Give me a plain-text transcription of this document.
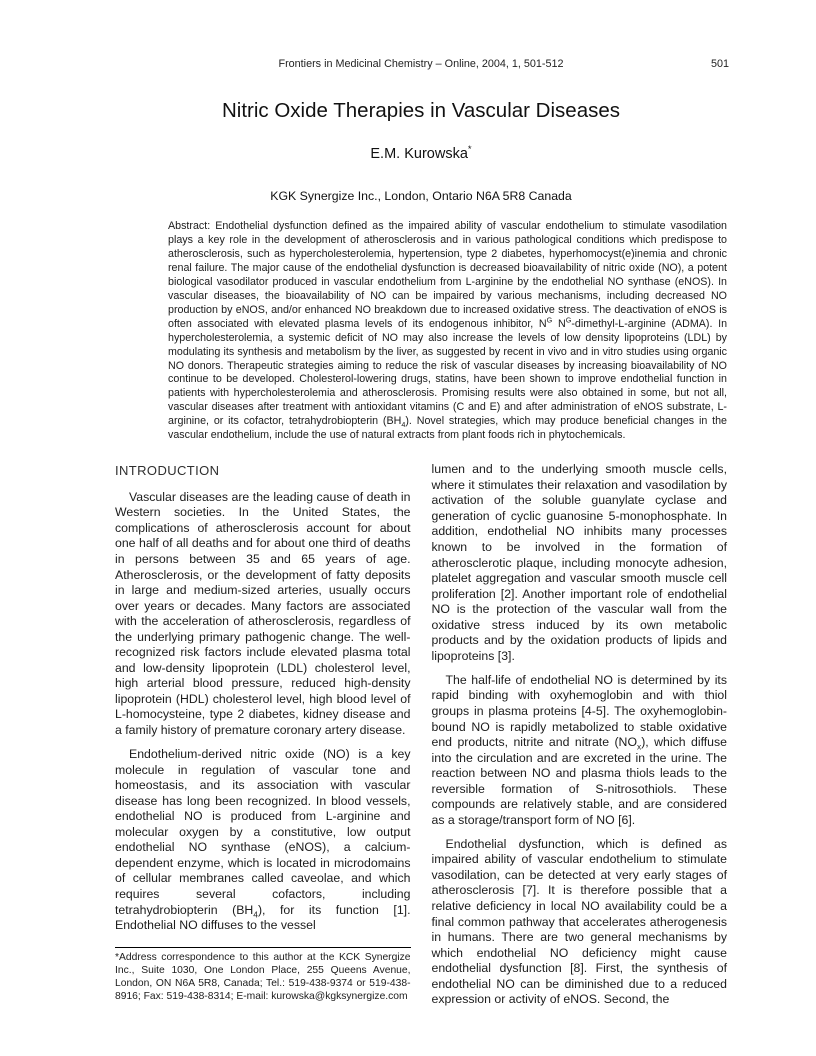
Frontiers in Medicinal Chemistry – Online, 2004, 1, 501-512	501
Nitric Oxide Therapies in Vascular Diseases
E.M. Kurowska*
KGK Synergize Inc., London, Ontario N6A 5R8 Canada
Abstract: Endothelial dysfunction defined as the impaired ability of vascular endothelium to stimulate vasodilation plays a key role in the development of atherosclerosis and in various pathological conditions which predispose to atherosclerosis, such as hypercholesterolemia, hypertension, type 2 diabetes, hyperhomocyst(e)inemia and chronic renal failure. The major cause of the endothelial dysfunction is decreased bioavailability of nitric oxide (NO), a potent biological vasodilator produced in vascular endothelium from L-arginine by the endothelial NO synthase (eNOS). In vascular diseases, the bioavailability of NO can be impaired by various mechanisms, including decreased NO production by eNOS, and/or enhanced NO breakdown due to increased oxidative stress. The deactivation of eNOS is often associated with elevated plasma levels of its endogenous inhibitor, $N^G$ $N^G-dimethyl-L$-arginine (ADMA). In hypercholesterolemia, a systemic deficit of NO may also increase the levels of low density lipoproteins (LDL) by modulating its synthesis and metabolism by the liver, as suggested by recent in vivo and in vitro studies using organic NO donors. Therapeutic strategies aiming to reduce the risk of vascular diseases by increasing bioavailability of NO continue to be developed. Cholesterol-lowering drugs, statins, have been shown to improve endothelial function in patients with hypercholesterolemia and atherosclerosis. Promising results were also obtained in some, but not all, vascular diseases after treatment with antioxidant vitamins (C and E) and after administration of eNOS substrate, L-arginine, or its cofactor, tetrahydrobiopterin $(BH_4)$. Novel strategies, which may produce beneficial changes in the vascular endothelium, include the use of natural extracts from plant foods rich in phytochemicals.
INTRODUCTION

Vascular diseases are the leading cause of death in Western societies. In the United States, the complications of atherosclerosis account for about one half of all deaths and for about one third of deaths in persons between 35 and 65 years of age. Atherosclerosis, or the development of fatty deposits in large and medium-sized arteries, usually occurs over years or decades. Many factors are associated with the acceleration of atherosclerosis, regardless of the underlying primary pathogenic change. The well-recognized risk factors include elevated plasma total and low-density lipoprotein (LDL) cholesterol level, high arterial blood pressure, reduced high-density lipoprotein (HDL) cholesterol level, high blood level of L-homocysteine, type 2 diabetes, kidney disease and a family history of premature coronary artery disease.

Endothelium-derived nitric oxide (NO) is a key molecule in regulation of vascular tone and homeostasis, and its association with vascular disease has long been recognized. In blood vessels, endothelial NO is produced from L-arginine and molecular oxygen by a constitutive, low output endothelial NO synthase (eNOS), a calcium-dependent enzyme, which is located in microdomains of cellular membranes called caveolae, and which requires several cofactors, including tetrahydrobiopterin $(BH_4)$, for its function [1]. Endothelial NO diffuses to the vessel

*Address correspondence to this author at the KCK Synergize Inc., Suite 1030, One London Place, 255 Queens Avenue, London, ON N6A 5R8, Canada; Tel.: 519-438-9374 or 519-438-8916; Fax: 519-438-8314; E-mail: kurowska@kgksynergize.com

lumen and to the underlying smooth muscle cells, where it stimulates their relaxation and vasodilation by activation of the soluble guanylate cyclase and generation of cyclic guanosine 5-monophosphate. In addition, endothelial NO inhibits many processes known to be involved in the formation of atherosclerotic plaque, including monocyte adhesion, platelet aggregation and vascular smooth muscle cell proliferation [2]. Another important role of endothelial NO is the protection of the vascular wall from the oxidative stress induced by its own metabolic products and by the oxidation products of lipids and lipoproteins [3].

The half-life of endothelial NO is determined by its rapid binding with oxyhemoglobin and with thiol groups in plasma proteins [4-5]. The oxyhemoglobin-bound NO is rapidly metabolized to stable oxidative end products, nitrite and nitrate $(NO_x)$, which diffuse into the circulation and are excreted in the urine. The reaction between NO and plasma thiols leads to the reversible formation of S-nitrosothiols. These compounds are relatively stable, and are considered as a storage/transport form of NO [6].

Endothelial dysfunction, which is defined as impaired ability of vascular endothelium to stimulate vasodilation, can be detected at very early stages of atherosclerosis [7]. It is therefore possible that a relative deficiency in local NO availability could be a final common pathway that accelerates atherogenesis in humans. There are two general mechanisms by which endothelial NO deficiency might cause endothelial dysfunction [8]. First, the synthesis of endothelial NO can be diminished due to a reduced expression or activity of eNOS. Second, the
